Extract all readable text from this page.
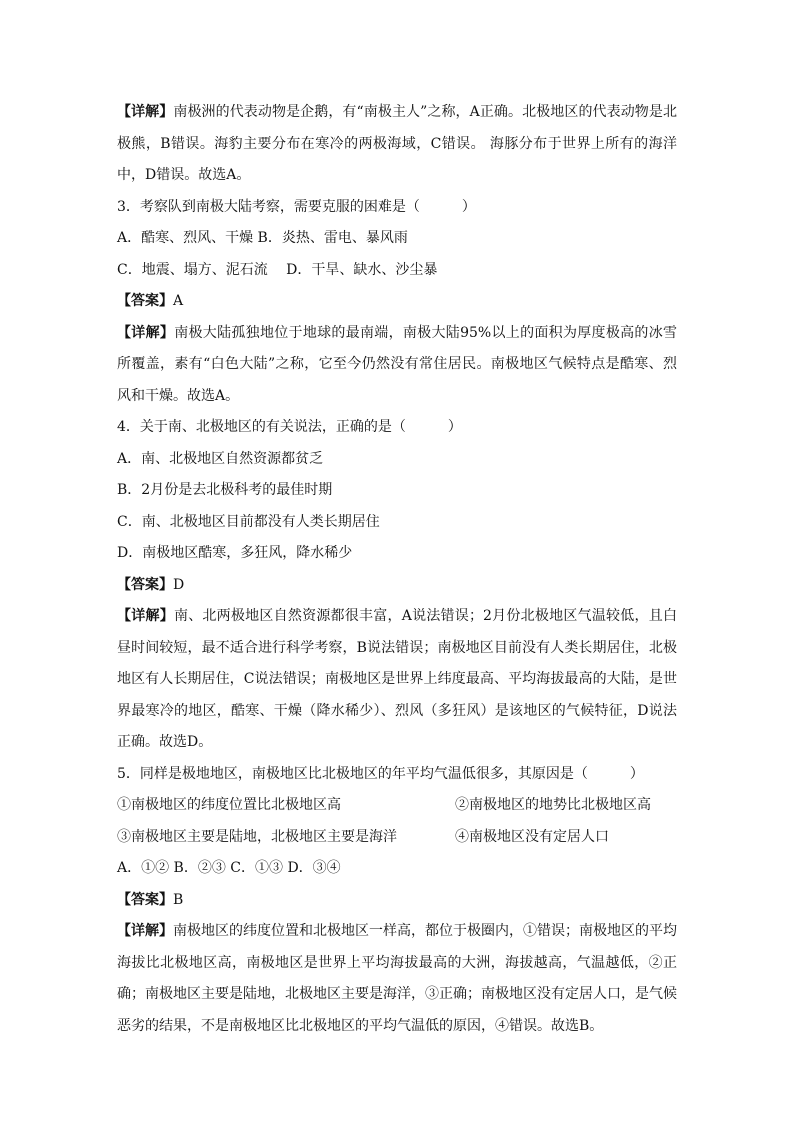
【详解】南极洲的代表动物是企鹅，有“南极主人”之称，A正确。北极地区的代表动物是北极熊，B错误。海豹主要分布在寒冷的两极海域，C错误。 海豚分布于世界上所有的海洋中，D错误。故选A。

3．考察队到南极大陆考察，需要克服的困难是（　　　）

A．酷寒、烈风、干燥 B．炎热、雷电、暴风雨

C．地震、塌方、泥石流　 D．干旱、缺水、沙尘暴

【答案】A

【详解】南极大陆孤独地位于地球的最南端，南极大陆95%以上的面积为厚度极高的冰雪所覆盖，素有“白色大陆”之称，它至今仍然没有常住居民。南极地区气候特点是酷寒、烈风和干燥。故选A。

4．关于南、北极地区的有关说法，正确的是（　　　）

A．南、北极地区自然资源都贫乏

B．2月份是去北极科考的最佳时期

C．南、北极地区目前都没有人类长期居住

D．南极地区酷寒，多狂风，降水稀少

【答案】D

【详解】南、北两极地区自然资源都很丰富，A说法错误；2月份北极地区气温较低，且白昼时间较短，最不适合进行科学考察，B说法错误；南极地区目前没有人类长期居住，北极地区有人长期居住，C说法错误；南极地区是世界上纬度最高、平均海拔最高的大陆，是世界最寒冷的地区，酷寒、干燥（降水稀少）、烈风（多狂风）是该地区的气候特征，D说法正确。故选D。

5．同样是极地地区，南极地区比北极地区的年平均气温低很多，其原因是（　　　）

①南极地区的纬度位置比北极地区高	②南极地区的地势比北极地区高
③南极地区主要是陆地，北极地区主要是海洋	④南极地区没有定居人口

A．①② B．②③ C．①③ D．③④

【答案】B

【详解】南极地区的纬度位置和北极地区一样高，都位于极圈内，①错误；南极地区的平均海拔比北极地区高，南极地区是世界上平均海拔最高的大洲，海拔越高，气温越低，②正确；南极地区主要是陆地，北极地区主要是海洋，③正确；南极地区没有定居人口，是气候恶劣的结果，不是南极地区比北极地区的平均气温低的原因，④错误。故选B。
